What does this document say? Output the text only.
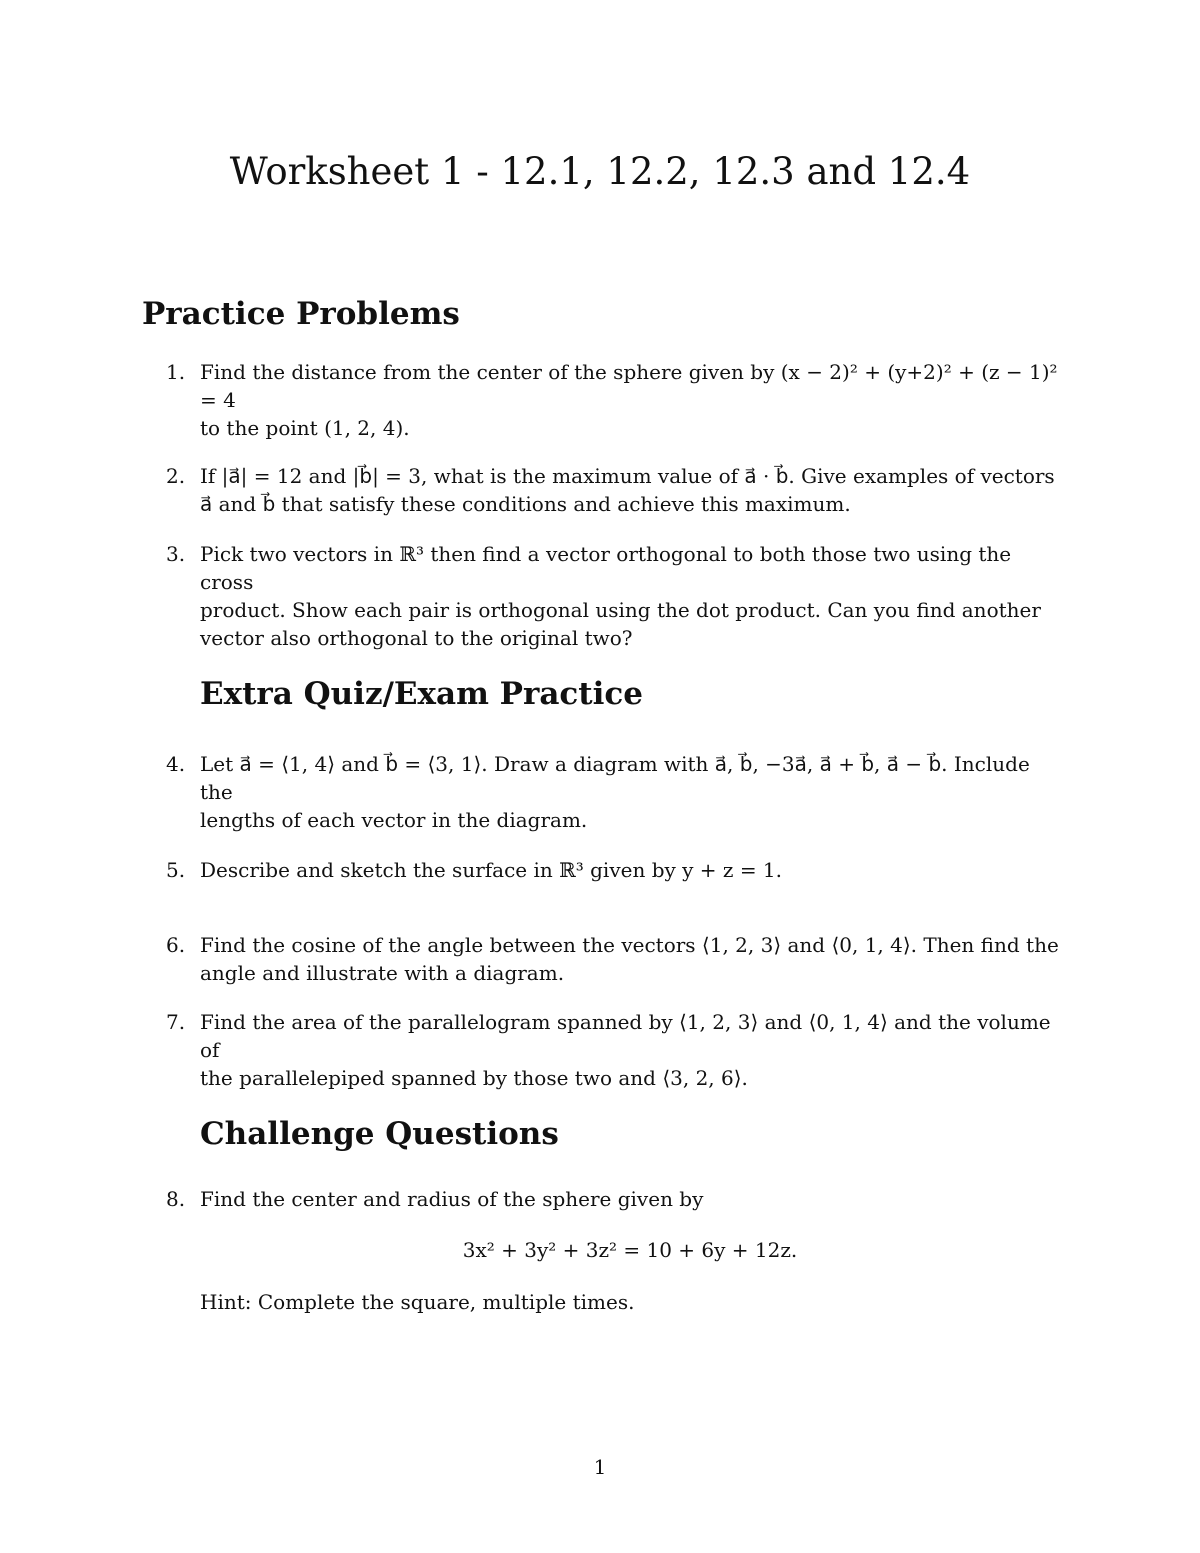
Worksheet 1 - 12.1, 12.2, 12.3 and 12.4
Practice Problems
1. Find the distance from the center of the sphere given by (x − 2)² + (y+2)² + (z − 1)² = 4

to the point (1, 2, 4).

2. If |a⃗| = 12 and |b⃗| = 3, what is the maximum value of a⃗ · b⃗. Give examples of vectors

a⃗ and b⃗ that satisfy these conditions and achieve this maximum.

3. Pick two vectors in ℝ³ then find a vector orthogonal to both those two using the cross

product. Show each pair is orthogonal using the dot product. Can you find another

vector also orthogonal to the original two?

Extra Quiz/Exam Practice
4. Let a⃗ = ⟨1, 4⟩ and b⃗ = ⟨3, 1⟩. Draw a diagram with a⃗, b⃗, −3a⃗, a⃗ + b⃗, a⃗ − b⃗. Include the

lengths of each vector in the diagram.

5. Describe and sketch the surface in ℝ³ given by y + z = 1.

6. Find the cosine of the angle between the vectors ⟨1, 2, 3⟩ and ⟨0, 1, 4⟩. Then find the

angle and illustrate with a diagram.

7. Find the area of the parallelogram spanned by ⟨1, 2, 3⟩ and ⟨0, 1, 4⟩ and the volume of

the parallelepiped spanned by those two and ⟨3, 2, 6⟩.

Challenge Questions
8. Find the center and radius of the sphere given by

3x² + 3y² + 3z² = 10 + 6y + 12z.
Hint: Complete the square, multiple times.
1
